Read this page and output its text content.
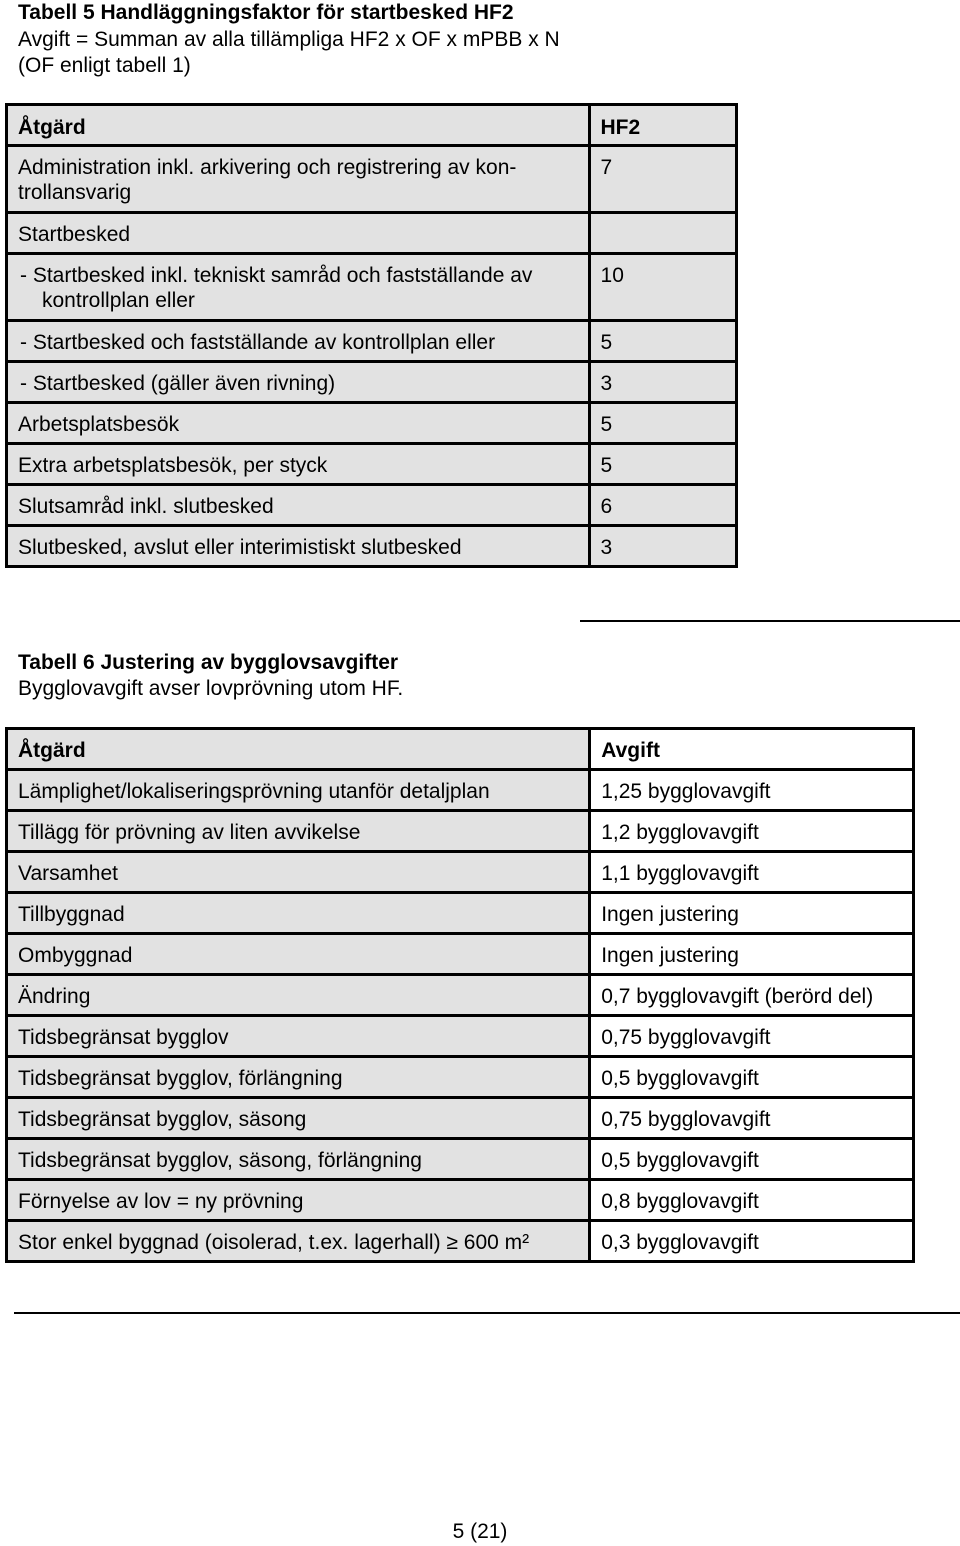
Tabell 5 Handläggningsfaktor för startbesked HF2
Avgift = Summan av alla tillämpliga HF2 x OF x mPBB x N
(OF enligt tabell 1)
Åtgärd	HF2
Administration inkl. arkivering och registrering av kon-trollansvarig	7
Startbesked	

- Startbesked inkl. tekniskt samråd och fastställande av kontrollplan eller	10
- Startbesked och fastställande av kontrollplan eller	5
- Startbesked (gäller även rivning)	3
Arbetsplatsbesök	5
Extra arbetsplatsbesök, per styck	5
Slutsamråd inkl. slutbesked	6
Slutbesked, avslut eller interimistiskt slutbesked	3
Tabell 6 Justering av bygglovsavgifter
Bygglovavgift avser lovprövning utom HF.
Åtgärd	Avgift
Lämplighet/lokaliseringsprövning utanför detaljplan	1,25 bygglovavgift
Tillägg för prövning av liten avvikelse	1,2 bygglovavgift
Varsamhet	1,1 bygglovavgift
Tillbyggnad	Ingen justering
Ombyggnad	Ingen justering
Ändring	0,7 bygglovavgift (berörd del)
Tidsbegränsat bygglov	0,75 bygglovavgift
Tidsbegränsat bygglov, förlängning	0,5 bygglovavgift
Tidsbegränsat bygglov, säsong	0,75 bygglovavgift
Tidsbegränsat bygglov, säsong, förlängning	0,5 bygglovavgift
Förnyelse av lov = ny prövning	0,8 bygglovavgift
Stor enkel byggnad (oisolerad, t.ex. lagerhall) ≥ 600 m²	0,3 bygglovavgift
5 (21)
